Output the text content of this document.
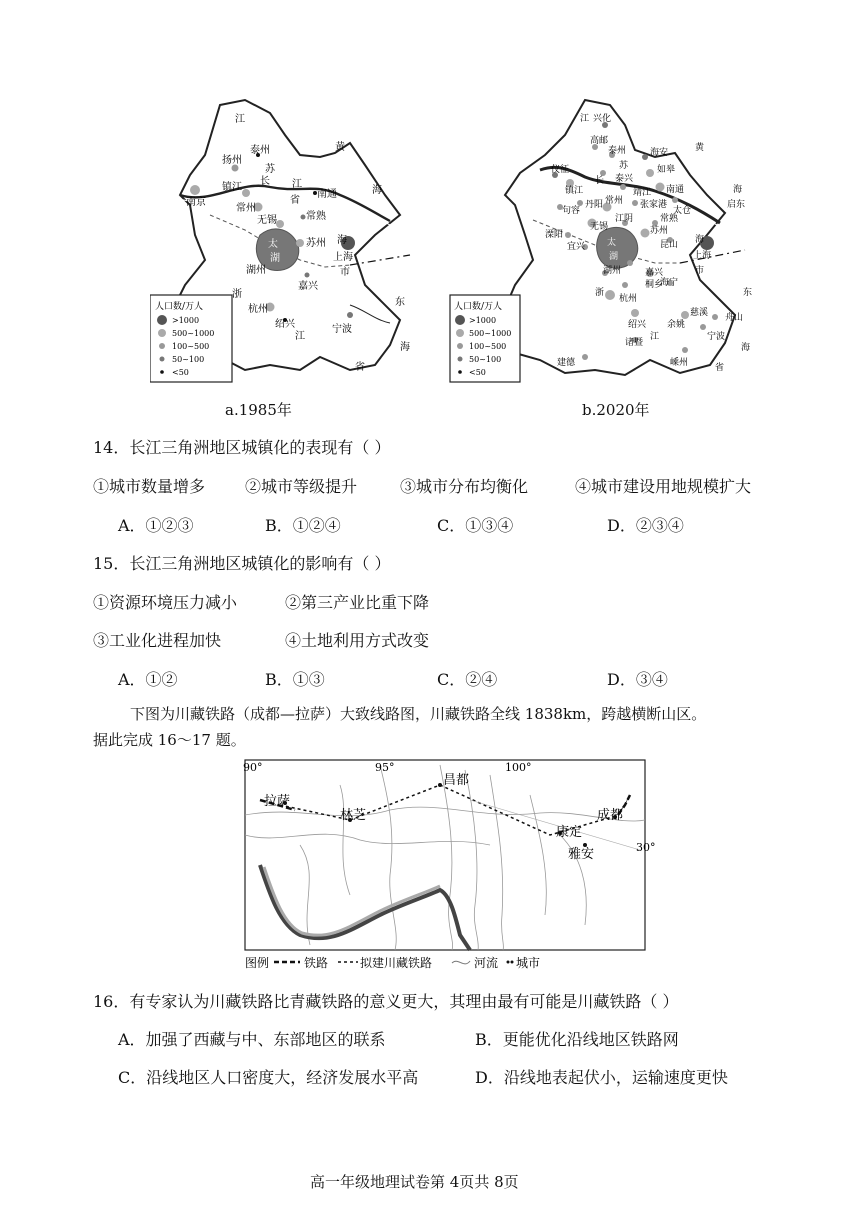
江
黄
泰州
扬州
苏
南京
镇江
长 江
南通	海
常州
省
常熟
无锡
苏州
太
湖
海
上海
市
湖州
嘉兴
浙
杭州
东
绍兴
江
宁波
海
省
人口数/万人
>1000
500~1000
100~500
50~100
<50
a.1985年
兴化
江
黄
高邮
泰州	海安
如皋
仪征	苏
泰兴
镇江
长
靖江 南通	海
句容
丹阳 常州 张家港	启东
江阴	常熟
无锡
太仓
溧阳
宜兴
苏州
昆山
太
湖
海
上海
市
湖州	嘉兴
桐乡
海宁
浙
杭州
绍兴 余姚
慈溪
宁波
舟山
诸暨
江
建德	嵊州	省
东
海
人口数/万人
>1000
500~1000
100~500
50~100
<50
b.2020年
14．长江三角洲地区城镇化的表现有（ ）
①城市数量增多 ②城市等级提升	③城市分布均衡化	④城市建设用地规模扩大
A．①②③	B．①②④	C．①③④	D．②③④
15．长江三角洲地区城镇化的影响有（ ）
①资源环境压力减小	②第三产业比重下降
③工业化进程加快	④土地利用方式改变
A．①②	B．①③	C．②④	D．③④
下图为川藏铁路（成都—拉萨）大致线路图，川藏铁路全线 1838km，跨越横断山区。
据此完成 16～17 题。
90°	95°	100°
30°
拉萨
林芝
昌都
康定
成都
雅安
图例	铁路	拟建川藏铁路	河流 城市
16．有专家认为川藏铁路比青藏铁路的意义更大，其理由最有可能是川藏铁路（ ）
A．加强了西藏与中、东部地区的联系	B．更能优化沿线地区铁路网
C．沿线地区人口密度大，经济发展水平高	D．沿线地表起伏小，运输速度更快
高一年级地理试卷第 4页共 8页
